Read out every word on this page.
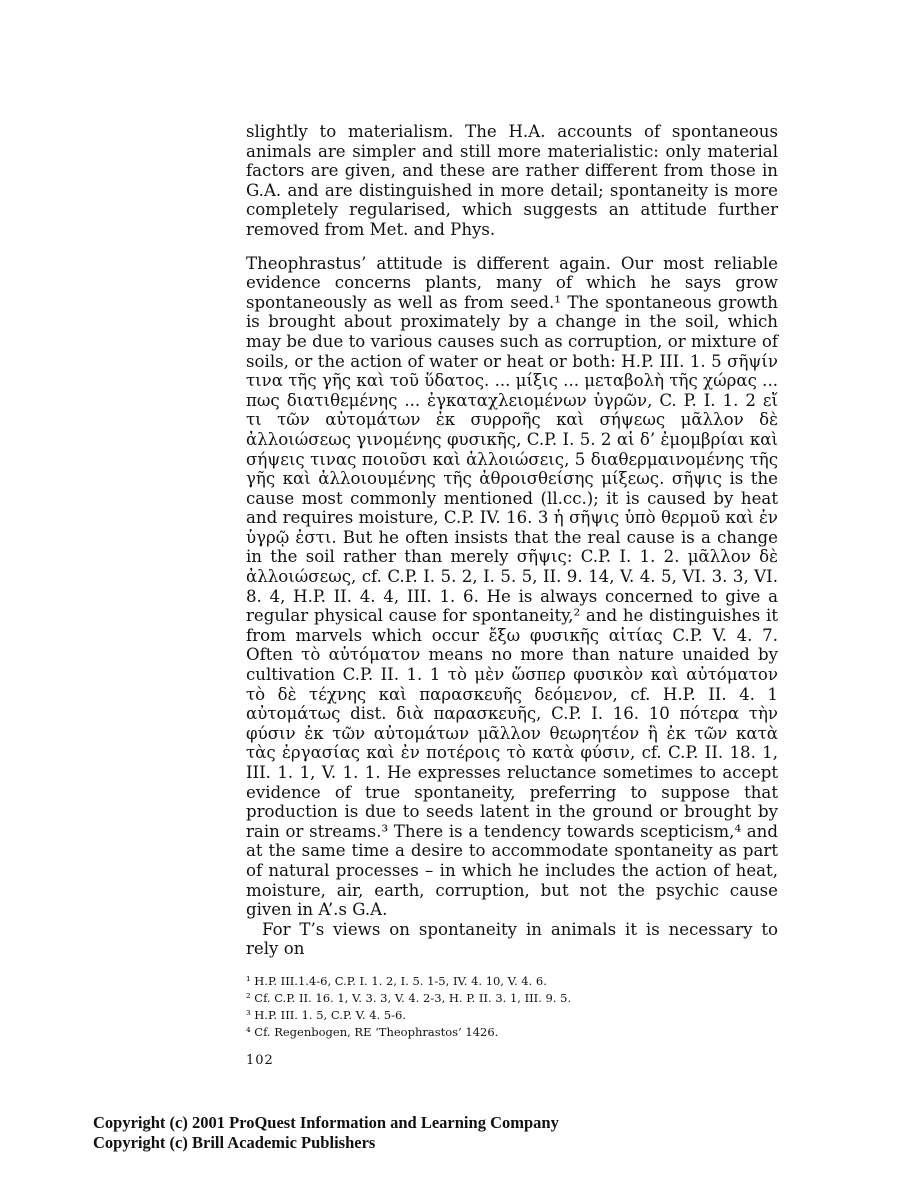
slightly to materialism. The H.A. accounts of spontaneous animals are simpler and still more materialistic: only material factors are given, and these are rather different from those in G.A. and are distinguished in more detail; spontaneity is more completely regularised, which suggests an attitude further removed from Met. and Phys.

Theophrastus’ attitude is different again. Our most reliable evidence concerns plants, many of which he says grow spontaneously as well as from seed.¹ The spontaneous growth is brought about proximately by a change in the soil, which may be due to various causes such as corruption, or mixture of soils, or the action of water or heat or both: H.P. III. 1. 5 σῆψίν τινα τῆς γῆς καὶ τοῦ ὕδατος. ... μίξις ... μεταβολὴ τῆς χώρας ... πως διατιθεμένης ... ἐγκαταχλειομένων ὑγρῶν, C. P. I. 1. 2 εἴ τι τῶν αὐτομάτων ἐκ συρροῆς καὶ σήψεως μᾶλλον δὲ ἀλλοιώσεως γινομένης φυσικῆς, C.P. I. 5. 2 αἱ δ’ ἐμομβρίαι καὶ σήψεις τινας ποιοῦσι καὶ ἀλλοιώσεις, 5 διαθερμαινομένης τῆς γῆς καὶ ἀλλοιουμένης τῆς ἀθροισθείσης μίξεως. σῆψις is the cause most commonly mentioned (ll.cc.); it is caused by heat and requires moisture, C.P. IV. 16. 3 ἡ σῆψις ὑπὸ θερμοῦ καὶ ἐν ὑγρῷ ἐστι. But he often insists that the real cause is a change in the soil rather than merely σῆψις: C.P. I. 1. 2. μᾶλλον δὲ ἀλλοιώσεως, cf. C.P. I. 5. 2, I. 5. 5, II. 9. 14, V. 4. 5, VI. 3. 3, VI. 8. 4, H.P. II. 4. 4, III. 1. 6. He is always concerned to give a regular physical cause for spontaneity,² and he distinguishes it from marvels which occur ἔξω φυσικῆς αἰτίας C.P. V. 4. 7. Often τὸ αὐτόματον means no more than nature unaided by cultivation C.P. II. 1. 1 τὸ μὲν ὥσπερ φυσικὸν καὶ αὐτόματον τὸ δὲ τέχνης καὶ παρασκευῆς δεόμενον, cf. H.P. II. 4. 1 αὐτομάτως dist. διὰ παρασκευῆς, C.P. I. 16. 10 πότερα τὴν φύσιν ἐκ τῶν αὐτομάτων μᾶλλον θεωρητέον ἢ ἐκ τῶν κατὰ τὰς ἐργασίας καὶ ἐν ποτέροις τὸ κατὰ φύσιν, cf. C.P. II. 18. 1, III. 1. 1, V. 1. 1. He expresses reluctance sometimes to accept evidence of true spontaneity, preferring to suppose that production is due to seeds latent in the ground or brought by rain or streams.³ There is a tendency towards scepticism,⁴ and at the same time a desire to accommodate spontaneity as part of natural processes – in which he includes the action of heat, moisture, air, earth, corruption, but not the psychic cause given in A’.s G.A.

For T’s views on spontaneity in animals it is necessary to rely on

¹ H.P. III.1.4-6, C.P. I. 1. 2, I. 5. 1-5, IV. 4. 10, V. 4. 6.
² Cf. C.P. II. 16. 1, V. 3. 3, V. 4. 2-3, H. P. II. 3. 1, III. 9. 5.
³ H.P. III. 1. 5, C.P. V. 4. 5-6.
⁴ Cf. Regenbogen, RE ‘Theophrastos’ 1426.
102
Copyright (c) 2001 ProQuest Information and Learning Company
Copyright (c) Brill Academic Publishers
